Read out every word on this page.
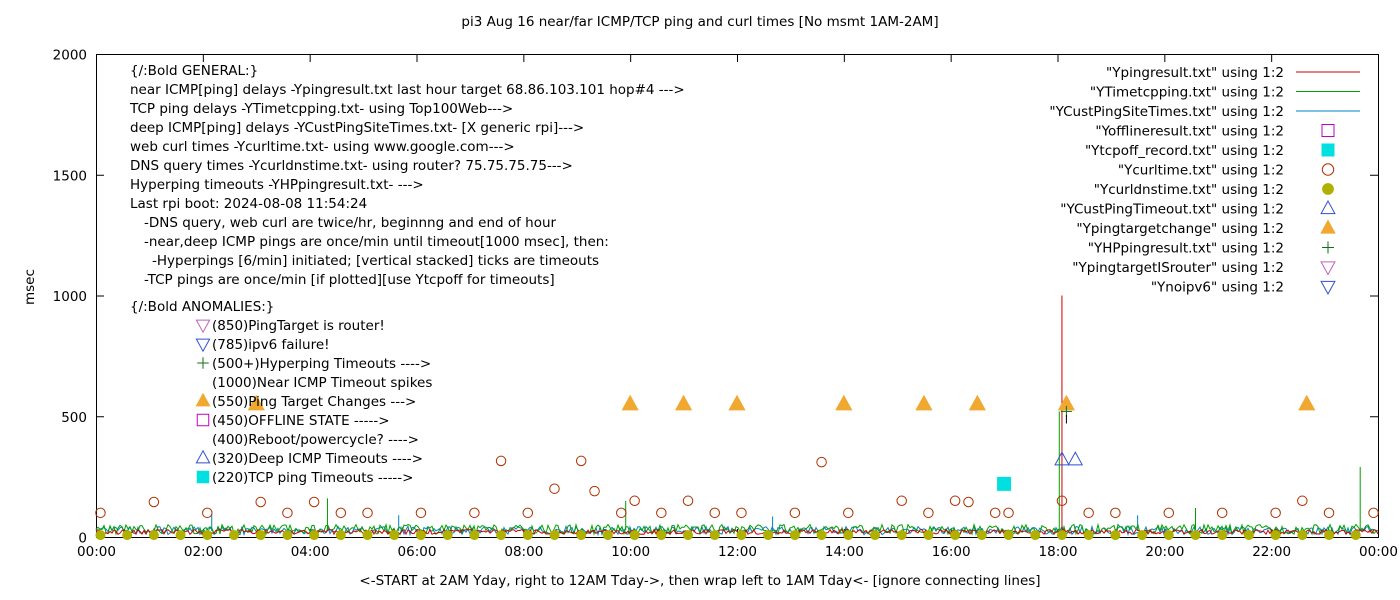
pi3 Aug 16 near/far ICMP/TCP ping and curl times [No msmt 1AM-2AM]
0
500
1000
1500
2000
00:00	02:00	04:00	06:00	08:00	10:00	12:00	14:00	16:00	18:00	20:00	22:00	00:00
{/:Bold GENERAL:}
near ICMP[ping] delays -Ypingresult.txt last hour target 68.86.103.101 hop#4 --->
TCP ping delays -YTimetcpping.txt- using Top100Web--->
deep ICMP[ping] delays -YCustPingSiteTimes.txt- [X generic rpi]--->
web curl times -Ycurltime.txt- using www.google.com--->
DNS query times -Ycurldnstime.txt- using router? 75.75.75.75--->
Hyperping timeouts -YHPpingresult.txt- --->
Last rpi boot: 2024-08-08 11:54:24
-DNS query, web curl are twice/hr, beginnng and end of hour
-near,deep ICMP pings are once/min until timeout[1000 msec], then:
-Hyperpings [6/min] initiated; [vertical stacked] ticks are timeouts
-TCP pings are once/min [if plotted][use Ytcpoff for timeouts]
{/:Bold ANOMALIES:}
(850)PingTarget is router!
(785)ipv6 failure!
(500+)Hyperping Timeouts ---->
(1000)Near ICMP Timeout spikes
(550)Ping Target Changes --->
(450)OFFLINE STATE ----->
(400)Reboot/powercycle? ---->
(320)Deep ICMP Timeouts ---->
(220)TCP ping Timeouts ----->
"Ypingresult.txt" using 1:2
"YTimetcpping.txt" using 1:2
"YCustPingSiteTimes.txt" using 1:2
"Yofflineresult.txt" using 1:2
"Ytcpoff_record.txt" using 1:2
"Ycurltime.txt" using 1:2
"Ycurldnstime.txt" using 1:2
"YCustPingTimeout.txt" using 1:2
"Ypingtargetchange" using 1:2
"YHPpingresult.txt" using 1:2
"YpingtargetISrouter" using 1:2
"Ynoipv6" using 1:2
msec
<-START at 2AM Yday, right to 12AM Tday->, then wrap left to 1AM Tday<- [ignore connecting lines]
